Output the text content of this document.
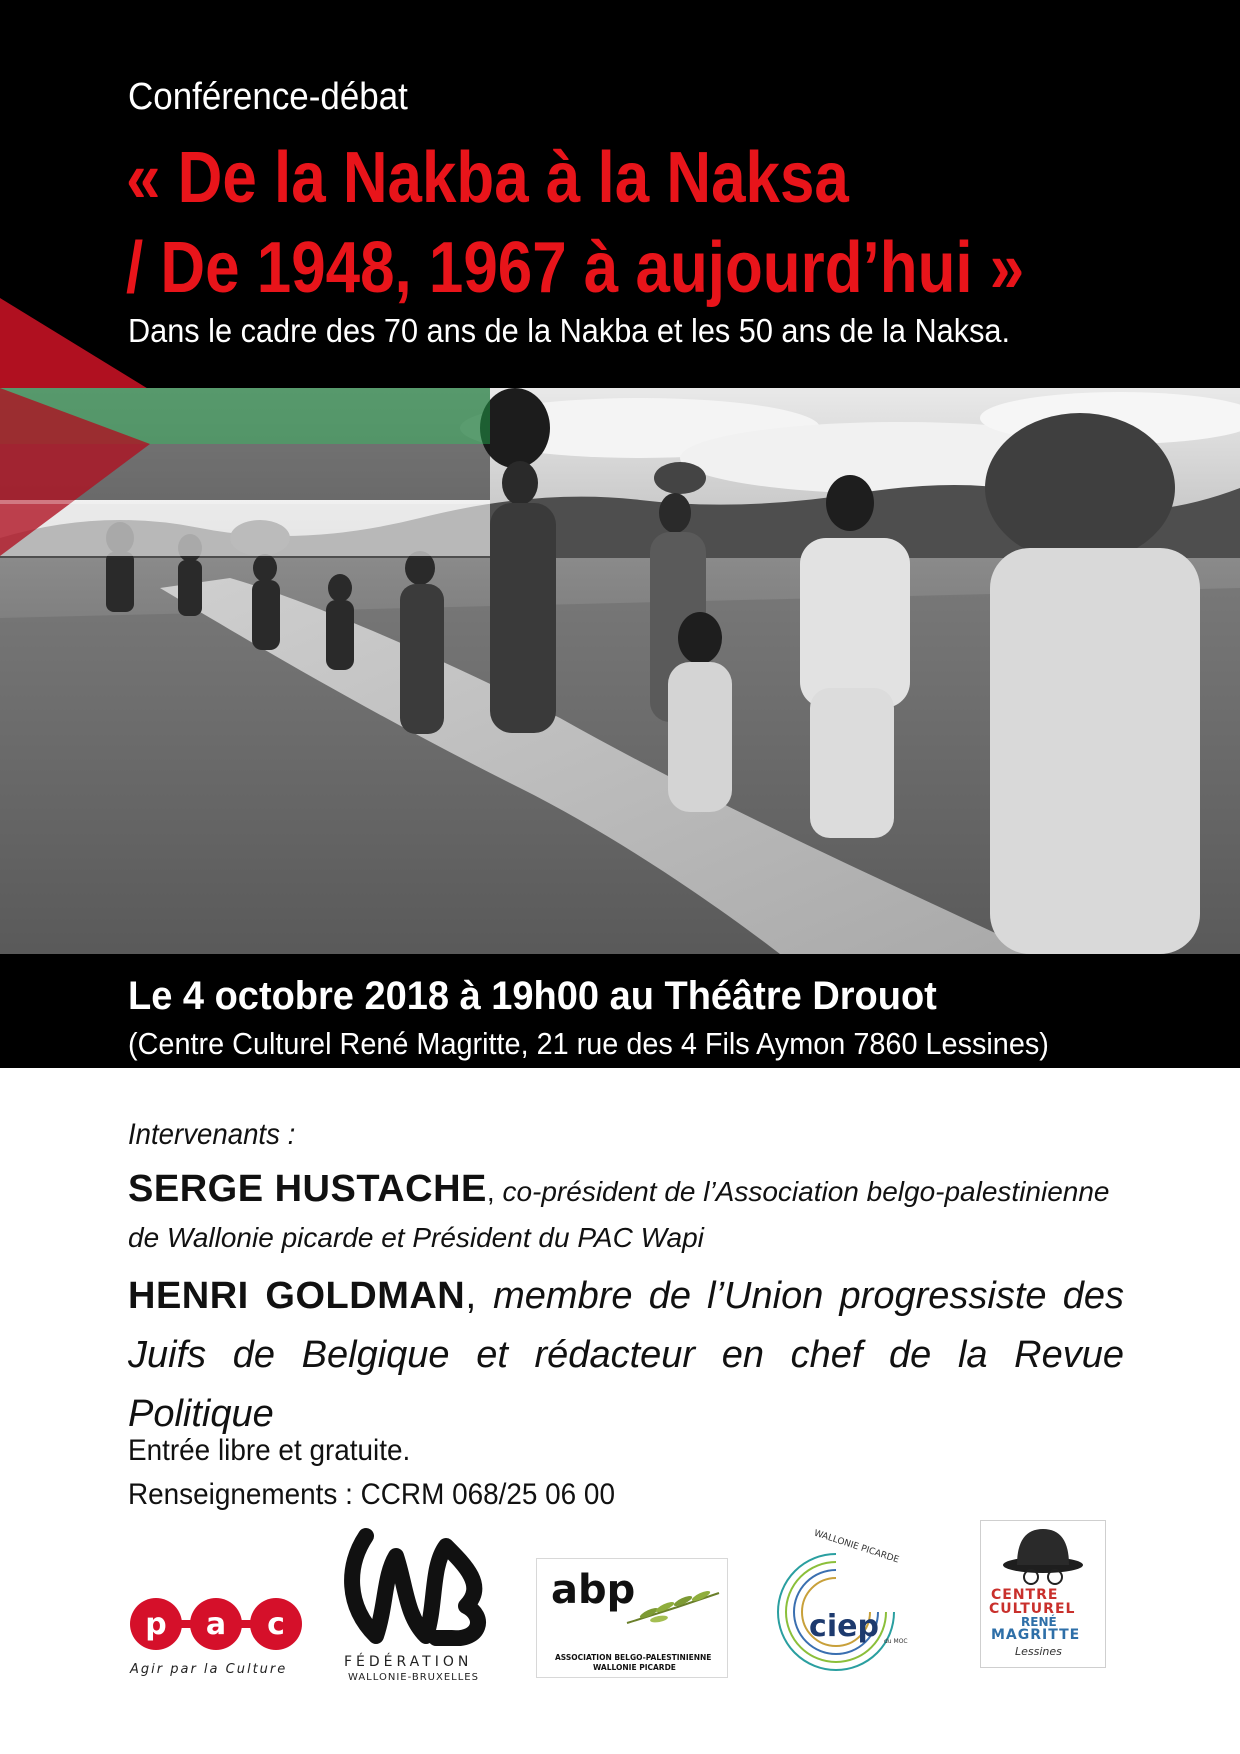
Conférence-débat
« De la Nakba à la Naksa
/ De 1948, 1967 à aujourd’hui »
Dans le cadre des 70 ans de la Nakba et les 50 ans de la Naksa.
Le 4 octobre 2018 à 19h00 au Théâtre Drouot
(Centre Culturel René Magritte, 21 rue des 4 Fils Aymon 7860 Lessines)
Intervenants :
SERGE HUSTACHE, co-président de l’Association belgo-palestinienne de Wallonie picarde et Président du PAC Wapi
HENRI GOLDMAN, membre de l’Union progressiste des Juifs de Belgique et rédacteur en chef de la Revue Politique
Entrée libre et gratuite.
Renseignements : CCRM 068/25 06 00
p a c
Agir par la Culture	FÉDÉRATION
WALLONIE-BRUXELLES
abp
ASSOCIATION BELGO-PALESTINIENNE
WALLONIE PICARDE
ciep
WALLONIE PICARDE
du MOC
CENTRE
CULTUREL
RENÉ
MAGRITTE
Lessines
